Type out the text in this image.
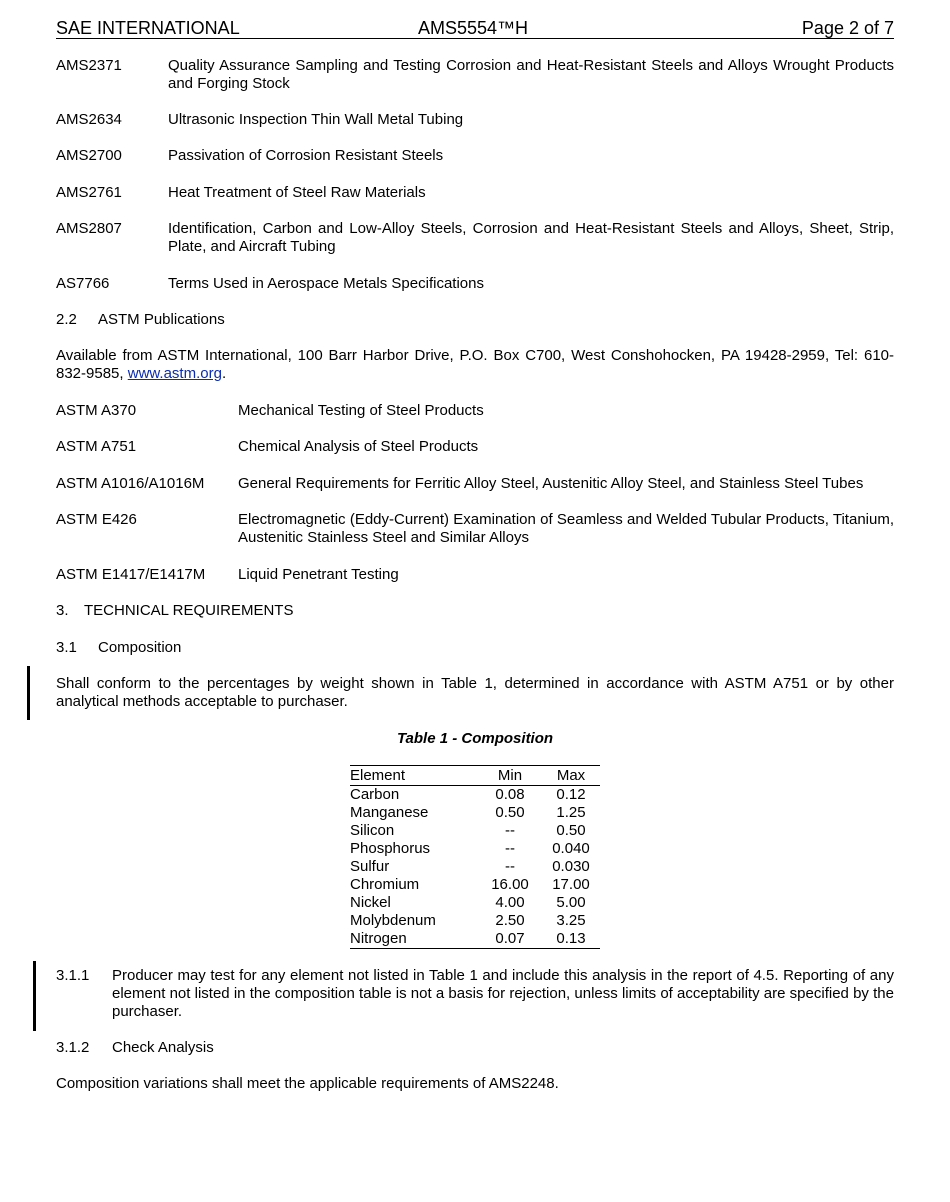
SAE INTERNATIONAL	AMS5554™H	Page 2 of 7
AMS2371	Quality Assurance Sampling and Testing Corrosion and Heat-Resistant Steels and Alloys Wrought Products and Forging Stock
AMS2634	Ultrasonic Inspection Thin Wall Metal Tubing
AMS2700	Passivation of Corrosion Resistant Steels
AMS2761	Heat Treatment of Steel Raw Materials
AMS2807	Identification, Carbon and Low-Alloy Steels, Corrosion and Heat-Resistant Steels and Alloys, Sheet, Strip, Plate, and Aircraft Tubing
AS7766	Terms Used in Aerospace Metals Specifications
2.2 ASTM Publications
Available from ASTM International, 100 Barr Harbor Drive, P.O. Box C700, West Conshohocken, PA 19428-2959, Tel: 610-832-9585, www.astm.org.
ASTM A370	Mechanical Testing of Steel Products
ASTM A751	Chemical Analysis of Steel Products
ASTM A1016/A1016M General Requirements for Ferritic Alloy Steel, Austenitic Alloy Steel, and Stainless Steel Tubes
ASTM E426	Electromagnetic (Eddy-Current) Examination of Seamless and Welded Tubular Products, Titanium, Austenitic Stainless Steel and Similar Alloys
ASTM E1417/E1417M Liquid Penetrant Testing
3. TECHNICAL REQUIREMENTS
3.1 Composition
Shall conform to the percentages by weight shown in Table 1, determined in accordance with ASTM A751 or by other analytical methods acceptable to purchaser.
Table 1 - Composition
Element	Min	Max
Carbon	0.08	0.12
Manganese	0.50	1.25
Silicon	--	0.50
Phosphorus	--	0.040
Sulfur	--	0.030
Chromium	16.00	17.00
Nickel	4.00	5.00
Molybdenum	2.50	3.25
Nitrogen	0.07	0.13
3.1.1 Producer may test for any element not listed in Table 1 and include this analysis in the report of 4.5. Reporting of any element not listed in the composition table is not a basis for rejection, unless limits of acceptability are specified by the purchaser.
3.1.2 Check Analysis
Composition variations shall meet the applicable requirements of AMS2248.
